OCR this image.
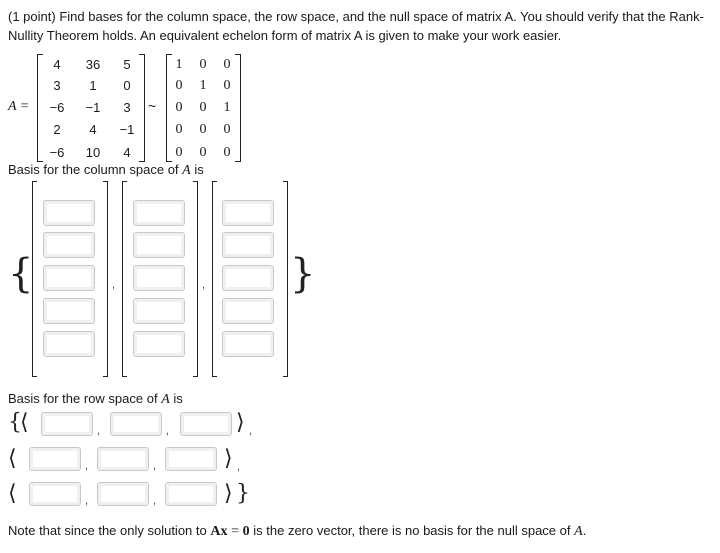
(1 point) Find bases for the column space, the row space, and the null space of matrix A. You should verify that the Rank-Nullity Theorem holds. An equivalent echelon form of matrix A is given to make your work easier.
A =
4	36	5
3	1	0
−6	−1	3
2	4	−1
−6	10	4
~
1	0	0
0	1	0
0	0	1
0	0	0
0	0	0
Basis for the column space of A is
{	}
,	,
Basis for the row space of A is
{
⟨	⟩ ,
⟨	⟩ ,
⟨	⟩ }
,	,
,	,
,	,
Note that since the only solution to Ax = 0 is the zero vector, there is no basis for the null space of A.
